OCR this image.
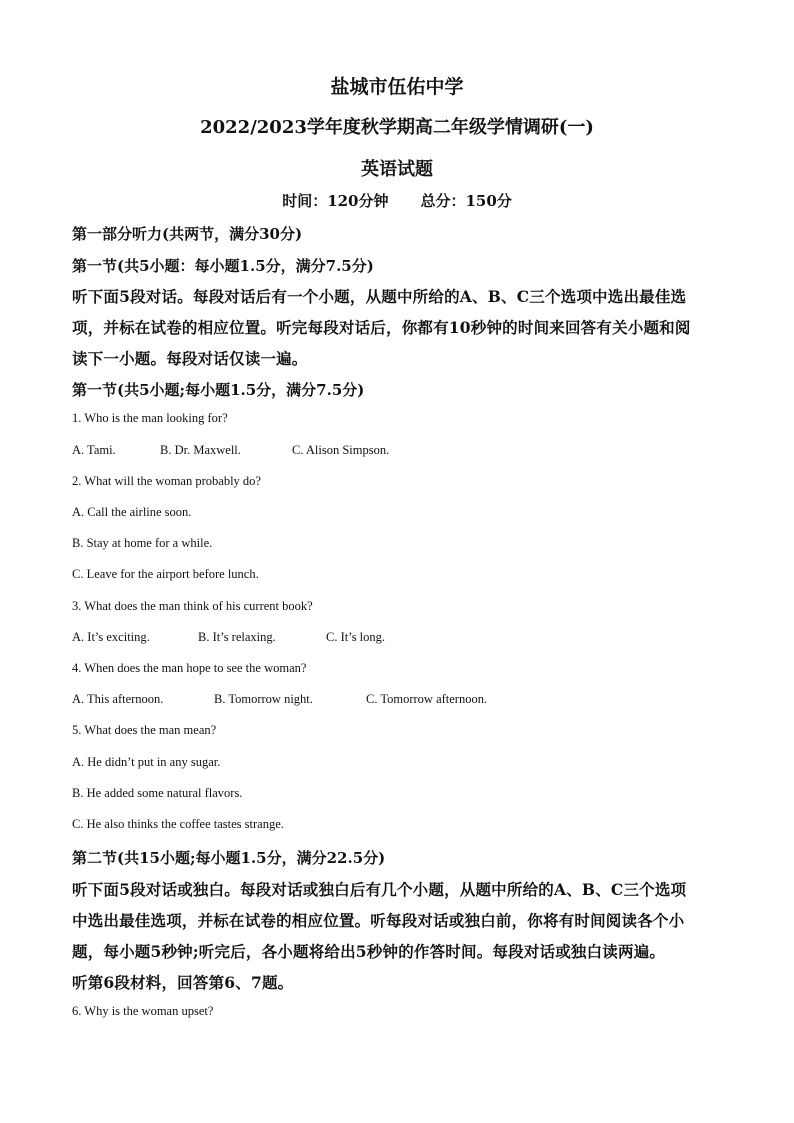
盐城市伍佑中学
2022/2023学年度秋学期高二年级学情调研(一)
英语试题
时间：120分钟 总分：150分
第一部分听力(共两节，满分30分)
第一节(共5小题：每小题1.5分，满分7.5分)
听下面5段对话。每段对话后有一个小题，从题中所给的A、B、C三个选项中选出最佳选
项，并标在试卷的相应位置。听完每段对话后，你都有10秒钟的时间来回答有关小题和阅
读下一小题。每段对话仅读一遍。
第一节(共5小题;每小题1.5分，满分7.5分)
1. Who is the man looking for?
A. Tami.	B. Dr. Maxwell.	C. Alison Simpson.
2. What will the woman probably do?
A. Call the airline soon.
B. Stay at home for a while.
C. Leave for the airport before lunch.
3. What does the man think of his current book?
A. It’s exciting.	B. It’s relaxing.	C. It’s long.
4. When does the man hope to see the woman?
A. This afternoon.	B. Tomorrow night.	C. Tomorrow afternoon.
5. What does the man mean?
A. He didn’t put in any sugar.
B. He added some natural flavors.
C. He also thinks the coffee tastes strange.
第二节(共15小题;每小题1.5分，满分22.5分)
听下面5段对话或独白。每段对话或独白后有几个小题，从题中所给的A、B、C三个选项
中选出最佳选项，并标在试卷的相应位置。听每段对话或独白前，你将有时间阅读各个小
题，每小题5秒钟;听完后，各小题将给出5秒钟的作答时间。每段对话或独白读两遍。
听第6段材料，回答第6、7题。
6. Why is the woman upset?
